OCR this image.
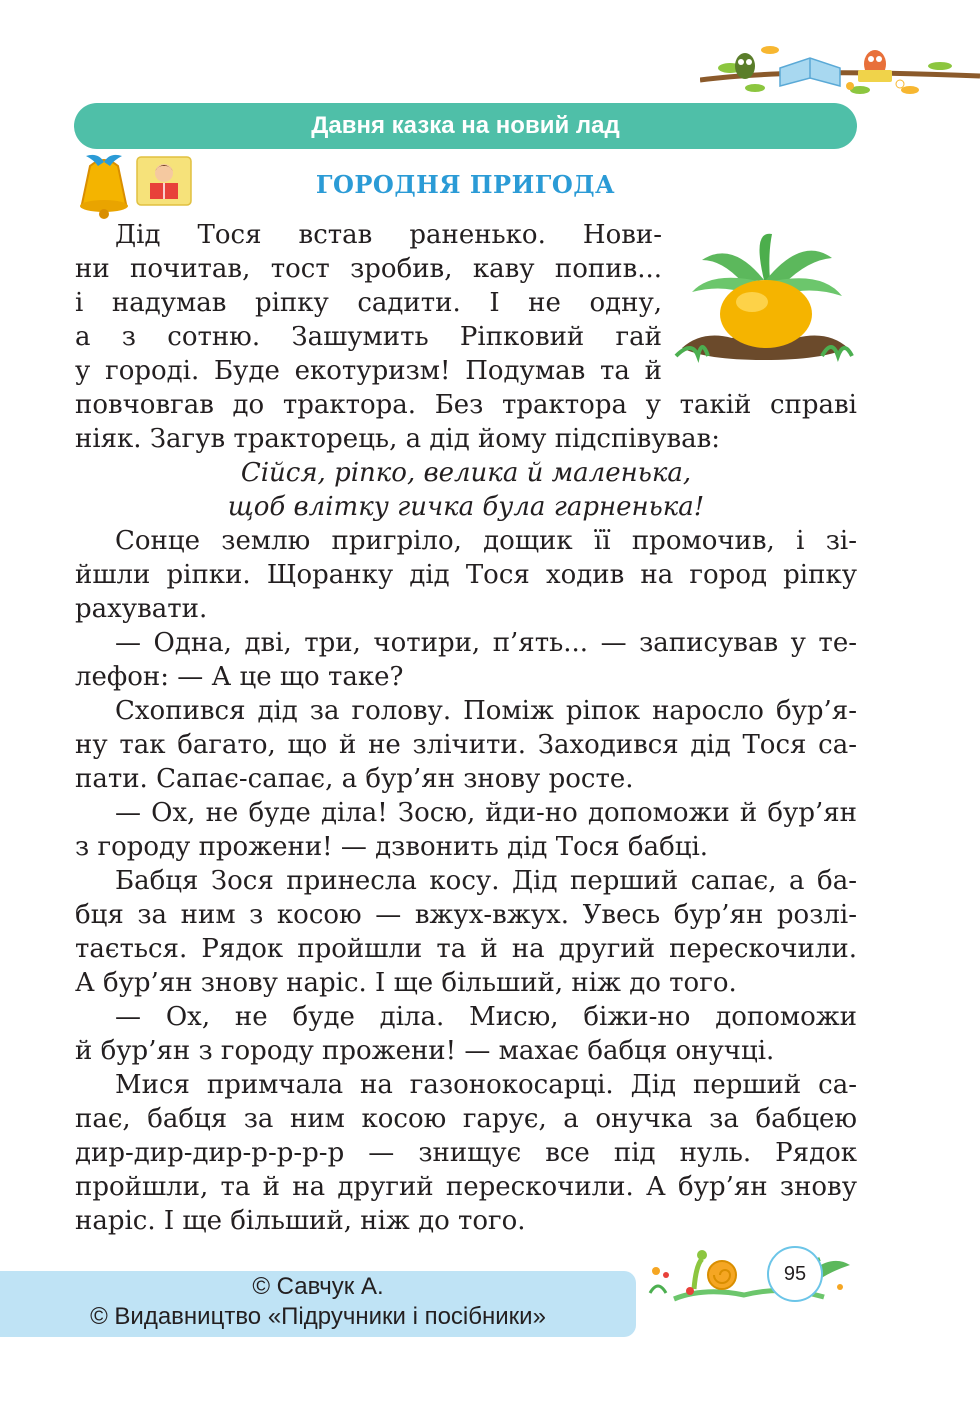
Давня казка на новий лад
ГОРОДНЯ ПРИГОДА
Дід Тося встав раненько. Нови-
ни почитав, тост зробив, каву попив...
і надумав ріпку садити. І не одну,
а з сотню. Зашумить Ріпковий гай
у городі. Буде екотуризм! Подумав та й
повчовгав до трактора. Без трактора у такій справі
ніяк. Загув тракторець, а дід йому підспівував:
Сійся, ріпко, велика й маленька,
щоб влітку гичка була гарненька!
Сонце землю пригріло, дощик її промочив, і зі-
йшли ріпки. Щоранку дід Тося ходив на город ріпку
рахувати.
— Одна, дві, три, чотири, п’ять... — записував у те-
лефон: — А це що таке?
Схопився дід за голову. Поміж ріпок наросло бур’я-
ну так багато, що й не злічити. Заходився дід Тося са-
пати. Сапає-сапає, а бур’ян знову росте.
— Ох, не буде діла! Зосю, йди-но допоможи й бур’ян
з городу прожени! — дзвонить дід Тося бабці.
Бабця Зося принесла косу. Дід перший сапає, а ба-
бця за ним з косою — вжух-вжух. Увесь бур’ян розлі-
тається. Рядок пройшли та й на другий перескочили.
А бур’ян знову наріс. І ще більший, ніж до того.
— Ох, не буде діла. Мисю, біжи-но допоможи
й бур’ян з городу прожени! — махає бабця онучці.
Мися примчала на газонокосарці. Дід перший са-
пає, бабця за ним косою гарує, а онучка за бабцею
дир-дир-дир-р-р-р-р — знищує все під нуль. Рядок
пройшли, та й на другий перескочили. А бур’ян знову
наріс. І ще більший, ніж до того.
© Савчук А.
© Видавництво «Підручники і посібники»
95
